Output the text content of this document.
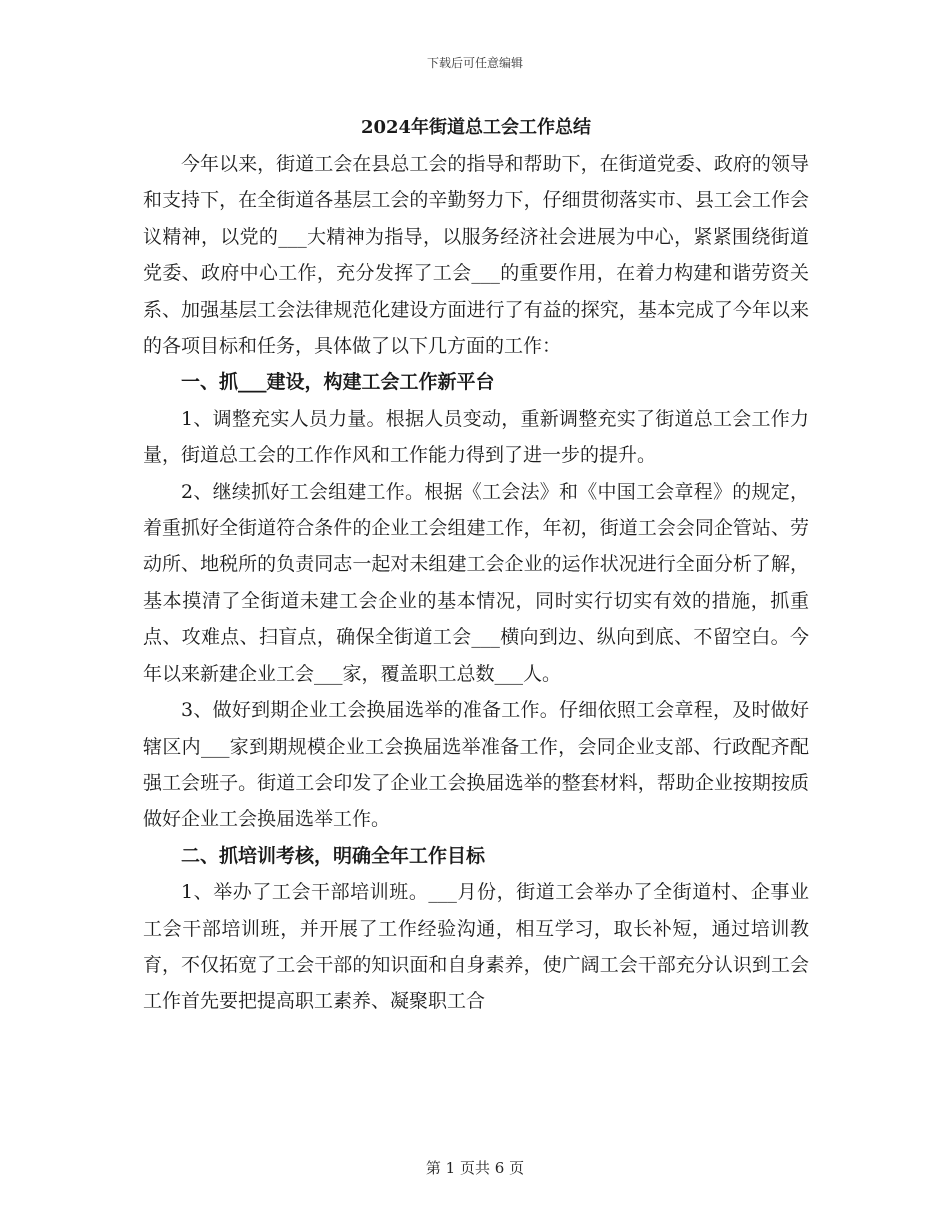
下载后可任意编辑
2024年街道总工会工作总结

今年以来，街道工会在县总工会的指导和帮助下，在街道党委、政府的领导和支持下，在全街道各基层工会的辛勤努力下，仔细贯彻落实市、县工会工作会议精神，以党的___大精神为指导，以服务经济社会进展为中心，紧紧围绕街道党委、政府中心工作，充分发挥了工会___的重要作用，在着力构建和谐劳资关系、加强基层工会法律规范化建设方面进行了有益的探究，基本完成了今年以来的各项目标和任务，具体做了以下几方面的工作：

一、抓___建设，构建工会工作新平台

1、调整充实人员力量。根据人员变动，重新调整充实了街道总工会工作力量，街道总工会的工作作风和工作能力得到了进一步的提升。

2、继续抓好工会组建工作。根据《工会法》和《中国工会章程》的规定，着重抓好全街道符合条件的企业工会组建工作，年初，街道工会会同企管站、劳动所、地税所的负责同志一起对未组建工会企业的运作状况进行全面分析了解，基本摸清了全街道未建工会企业的基本情况，同时实行切实有效的措施，抓重点、攻难点、扫盲点，确保全街道工会___横向到边、纵向到底、不留空白。今年以来新建企业工会___家，覆盖职工总数___人。

3、做好到期企业工会换届选举的准备工作。仔细依照工会章程，及时做好辖区内___家到期规模企业工会换届选举准备工作，会同企业支部、行政配齐配强工会班子。街道工会印发了企业工会换届选举的整套材料，帮助企业按期按质做好企业工会换届选举工作。

二、抓培训考核，明确全年工作目标

1、举办了工会干部培训班。___月份，街道工会举办了全街道村、企事业工会干部培训班，并开展了工作经验沟通，相互学习，取长补短，通过培训教育，不仅拓宽了工会干部的知识面和自身素养，使广阔工会干部充分认识到工会工作首先要把提高职工素养、凝聚职工合

第 1 页共 6 页
